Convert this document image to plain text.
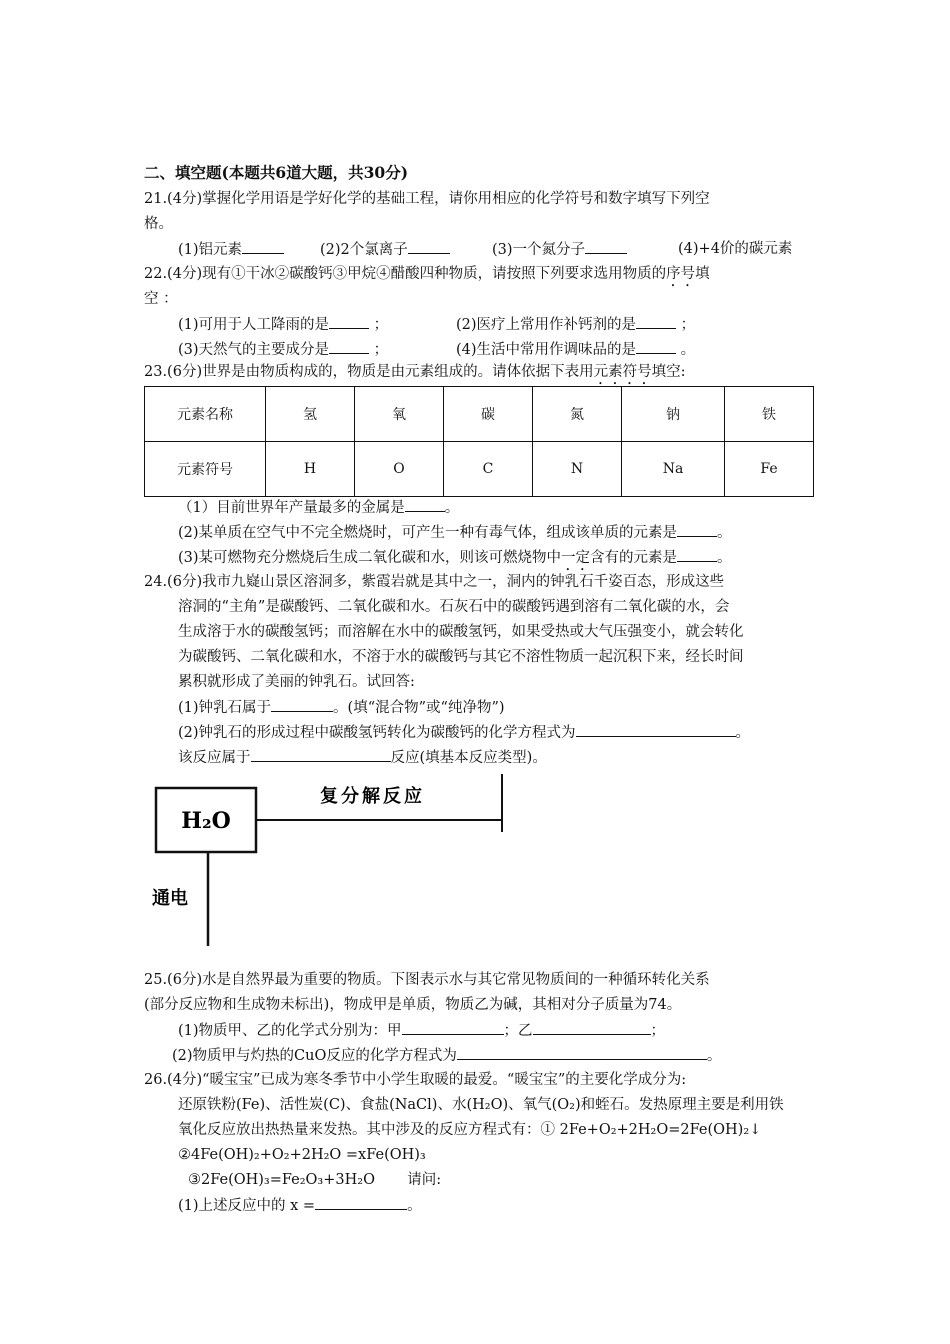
二、填空题(本题共6道大题，共30分)
21.(4分)掌握化学用语是学好化学的基础工程，请你用相应的化学符号和数字填写下列空
格。
(1)铝元素	(2)2个氯离子	(3)一个氮分子	(4)+4价的碳元素
22.(4分)现有①干冰②碳酸钙③甲烷④醋酸四种物质，请按照下列要求选用物质的序号填
空 ：
(1)可用于人工降雨的是	；	(2)医疗上常用作补钙剂的是	；
(3)天然气的主要成分是	；	(4)生活中常用作调味品的是	。
23.(6分)世界是由物质构成的，物质是由元素组成的。请体依据下表用元素符号填空:
元素名称	氢	氧	碳	氮	钠	铁
元素符号	H	O	C	N	Na	Fe
（1）目前世界年产量最多的金属是	。
(2)某单质在空气中不完全燃烧时，可产生一种有毒气体，组成该单质的元素是	。
(3)某可燃物充分燃烧后生成二氧化碳和水，则该可燃烧物中一定含有的元素是	。
24.(6分)我市九嶷山景区溶洞多，紫霞岩就是其中之一，洞内的钟乳石千姿百态，形成这些
溶洞的“主角”是碳酸钙、二氧化碳和水。石灰石中的碳酸钙遇到溶有二氧化碳的水，会
生成溶于水的碳酸氢钙；而溶解在水中的碳酸氢钙，如果受热或大气压强变小，就会转化
为碳酸钙、二氧化碳和水，不溶于水的碳酸钙与其它不溶性物质一起沉积下来，经长时间
累积就形成了美丽的钟乳石。试回答:
(1)钟乳石属于	。(填“混合物”或“纯净物”)
(2)钟乳石的形成过程中碳酸氢钙转化为碳酸钙的化学方程式为	。
该反应属于	反应(填基本反应类型)。
H₂O
复分解反应
通电
25.(6分)水是自然界最为重要的物质。下图表示水与其它常见物质间的一种循环转化关系
(部分反应物和生成物未标出)，物成甲是单质，物质乙为碱，其相对分子质量为74。
(1)物质甲、乙的化学式分别为：甲	；乙	；
(2)物质甲与灼热的CuO反应的化学方程式为	。
26.(4分)“暖宝宝”已成为寒冬季节中小学生取暖的最爱。“暖宝宝”的主要化学成分为:
还原铁粉(Fe)、活性炭(C)、食盐(NaCl)、水(H₂O)、氧气(O₂)和蛭石。发热原理主要是利用铁
氧化反应放出热热量来发热。其中涉及的反应方程式有：① 2Fe+O₂+2H₂O=2Fe(OH)₂↓
②4Fe(OH)₂+O₂+2H₂O =xFe(OH)₃
③2Fe(OH)₃=Fe₂O₃+3H₂O 请问:
(1)上述反应中的 x =	。
